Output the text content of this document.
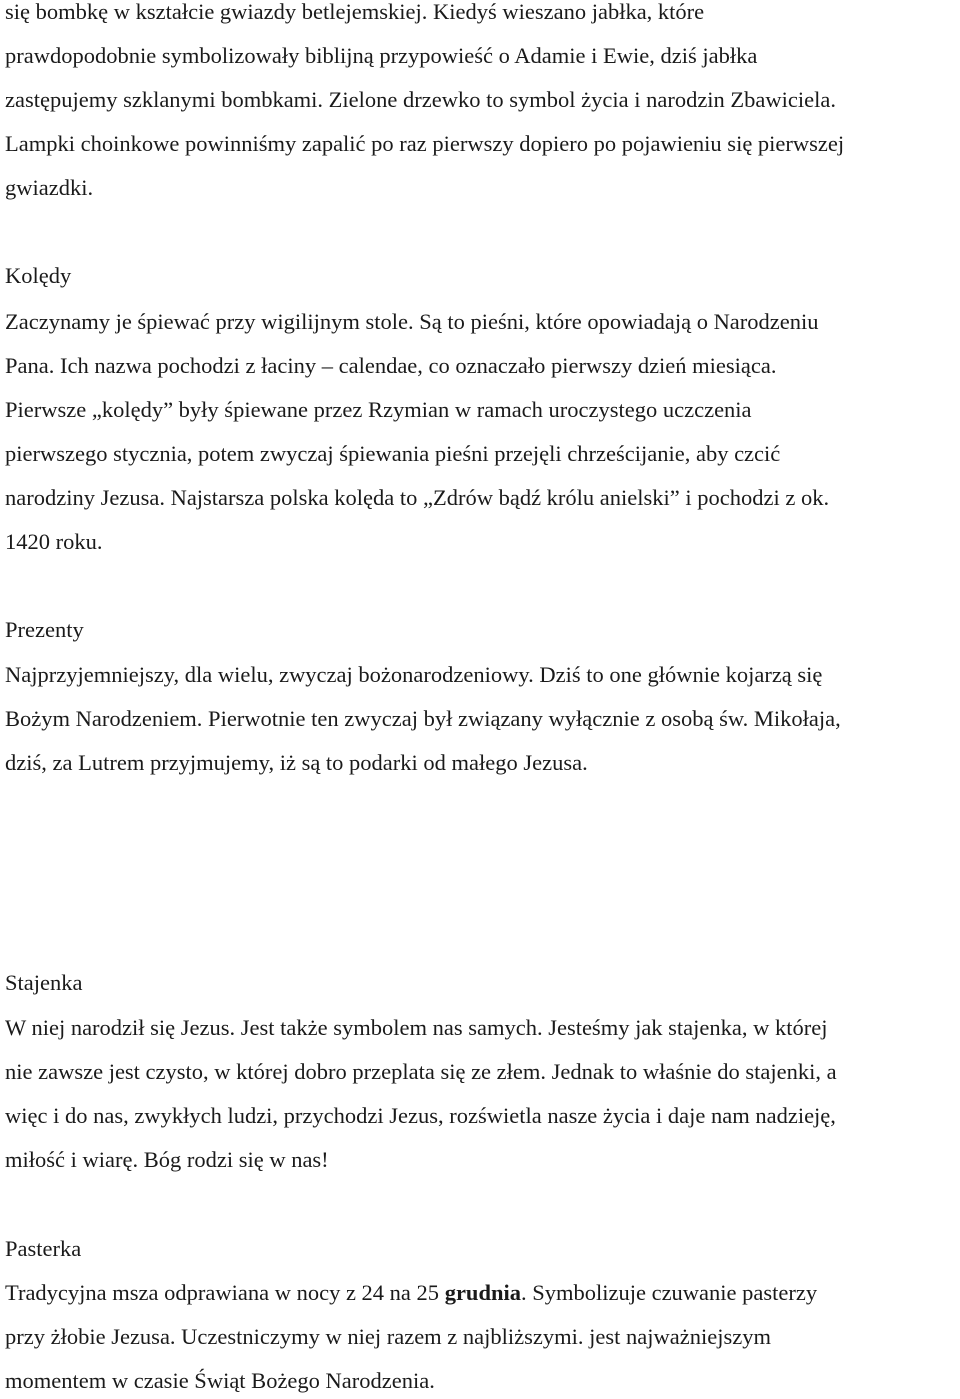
się bombkę w kształcie gwiazdy betlejemskiej. Kiedyś wieszano jabłka, które
prawdopodobnie symbolizowały biblijną przypowieść o Adamie i Ewie, dziś jabłka
zastępujemy szklanymi bombkami. Zielone drzewko to symbol życia i narodzin Zbawiciela.
Lampki choinkowe powinniśmy zapalić po raz pierwszy dopiero po pojawieniu się pierwszej
gwiazdki.
Kolędy
Zaczynamy je śpiewać przy wigilijnym stole. Są to pieśni, które opowiadają o Narodzeniu
Pana. Ich nazwa pochodzi z łaciny – calendae, co oznaczało pierwszy dzień miesiąca.
Pierwsze „kolędy” były śpiewane przez Rzymian w ramach uroczystego uczczenia
pierwszego stycznia, potem zwyczaj śpiewania pieśni przejęli chrześcijanie, aby czcić
narodziny Jezusa. Najstarsza polska kolęda to „Zdrów bądź królu anielski” i pochodzi z ok.
1420 roku.
Prezenty
Najprzyjemniejszy, dla wielu, zwyczaj bożonarodzeniowy. Dziś to one głównie kojarzą się
Bożym Narodzeniem. Pierwotnie ten zwyczaj był związany wyłącznie z osobą św. Mikołaja,
dziś, za Lutrem przyjmujemy, iż są to podarki od małego Jezusa.
Stajenka
W niej narodził się Jezus. Jest także symbolem nas samych. Jesteśmy jak stajenka, w której
nie zawsze jest czysto, w której dobro przeplata się ze złem. Jednak to właśnie do stajenki, a
więc i do nas, zwykłych ludzi, przychodzi Jezus, rozświetla nasze życia i daje nam nadzieję,
miłość i wiarę. Bóg rodzi się w nas!
Pasterka
Tradycyjna msza odprawiana w nocy z 24 na 25 grudnia. Symbolizuje czuwanie pasterzy
przy żłobie Jezusa. Uczestniczymy w niej razem z najbliższymi. jest najważniejszym
momentem w czasie Świąt Bożego Narodzenia.
